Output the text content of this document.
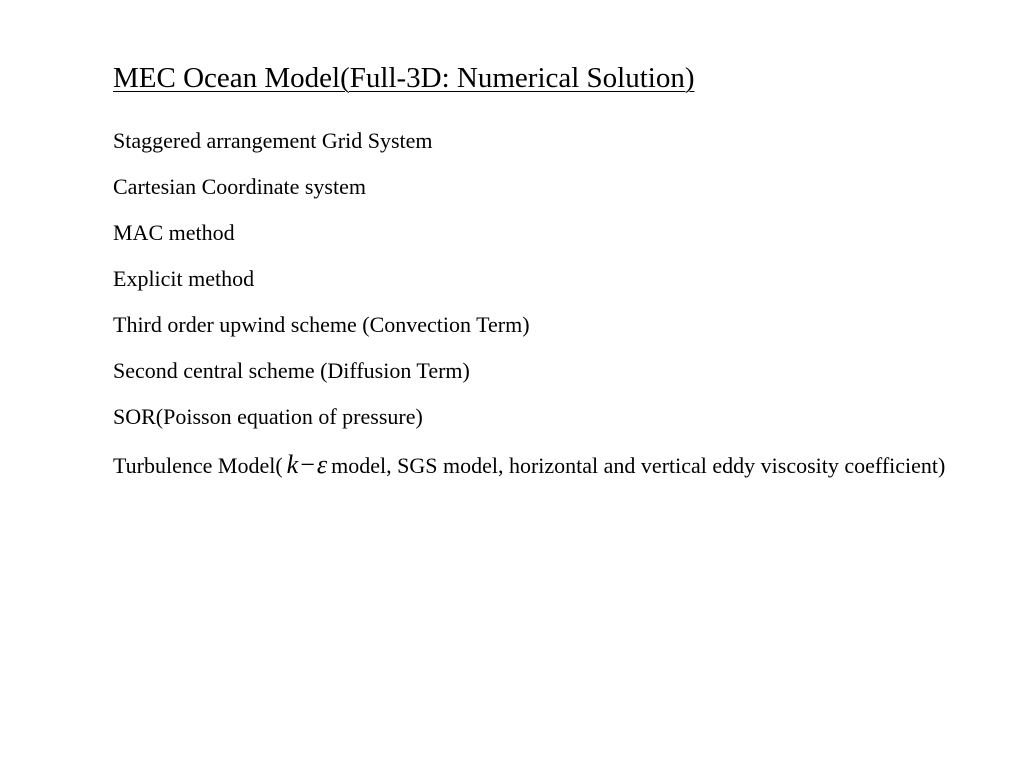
MEC Ocean Model(Full-3D: Numerical Solution)
Staggered arrangement Grid System
Cartesian Coordinate system
MAC method
Explicit method
Third order upwind scheme (Convection Term)
Second central scheme (Diffusion Term)
SOR(Poisson equation of pressure)
Turbulence Model( k−ε model, SGS model, horizontal and vertical eddy viscosity coefficient)
